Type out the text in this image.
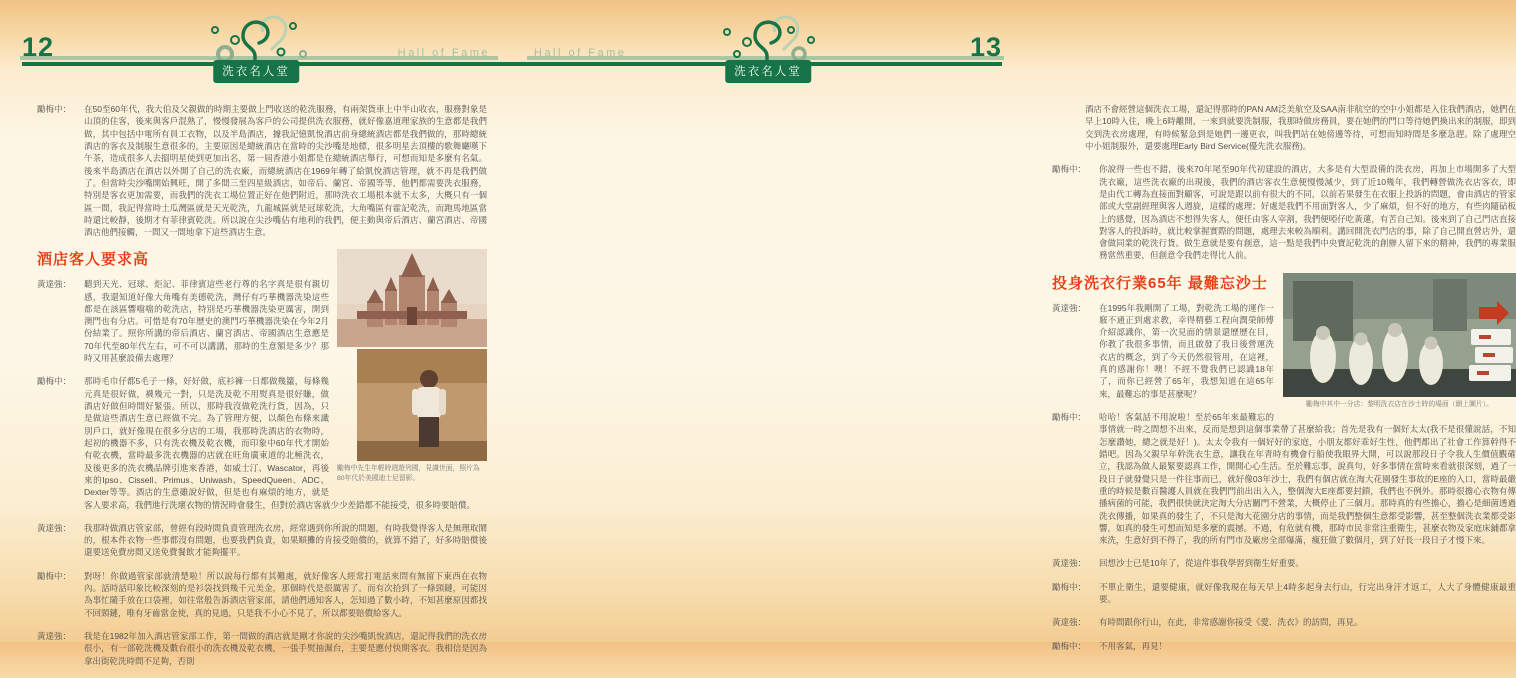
12	Hall of Fame
洗衣名人堂
勵梅中： 在50至60年代，我大伯及父親做的時期主要做上門收送的乾洗服務，有兩架貨車上中半山收衣，服務對象是山頂的住客，後來與客戶混熟了，慢慢發展為客戶的公司提供洗衣服務，就好像嘉道理家族的生意都是我們做，其中包括中電所有員工衣物，以及半島酒店，據我記憶凱悅酒店前身總統酒店都是我們做的，那時總統酒店的客衣及制服生意很多的，主要原因是總統酒店在當時的尖沙嘴是地標，很多明星去頂樓的歌舞廳嘆下午茶，造成很多人去搵明星使到更加出名，第一屆香港小姐都是在總統酒店舉行，可想而知是多麼有名氣。後來半島酒店在酒店以外開了自己的洗衣廠，而總統酒店在1969年轉了給凱悅酒店管理，就不再是我們做了。但當時尖沙嘴開始興旺，開了多間三至四星級酒店，如帝后、蘭宮、帝國等等，他們都需要洗衣服務，特別是客衣更加需要，而我們的洗衣工場位置正好在他們附近，那時洗衣工場根本就不太多，大概只有一個區一間，我記得當時土瓜灣區就是天光乾洗，九龍城區就是冠球乾洗，大角嘴區有霍記乾洗，而跑馬地區當時還比較靜，後期才有菲律賓乾洗。所以說在尖沙嘴佔有地利的我們，便主動與帝后酒店、蘭宮酒店、帝國酒店他們接觸，一間又一間地拿下這些酒店生意。
勵梅中先生年輕時週遊列國，見識世面，照片為80年代於美國迪士尼留影。
酒店客人要求高
黃達強： 聽到天光、冠球、炬記、菲律賓這些老行尊的名字真是很有親切感，我還知道好像大角嘴有美德乾洗，灣仔有巧華機器洗染這些都是在該區響噹噹的乾洗店，特別是巧華機器洗染更厲害，開到澳門也有分店。可惜是有70年歷史的澳門巧華機器洗染在今年2月份結業了。照你所講的帝后酒店、蘭宮酒店、帝國酒店生意應是70年代至80年代左右，可不可以講講，那時的生意額是多少？那時又用甚麼設備去處理？
勵梅中： 那時毛巾仔都5毛子一條，好好做，底衫褲一日都做幾籮，每條幾元真是很好做，襪幾元一對，只是洗及乾不用熨真是很好賺，做酒店好做但時間好緊張。所以，那時我沒做乾洗行貨，因為，只是做這些酒店生意已經做不完。為了管理方便，以顏色布條來識別戶口，就好像現在很多分店的工場，我那時洗酒店的衣物時，起初的機器不多，只有洗衣機及乾衣機，而印象中60年代才開始有乾衣機，當時最多洗衣機器的店就在旺角廣東道的北極洗衣，及後更多的洗衣機品牌引進來香港，如威士汀、Wascator，再後來的Ipso、Cissell、Primus、Uniwash、SpeedQueen、ADC、Dexter等等。酒店的生意雖說好做，但是也有麻煩的地方，就是客人要求高，我們進行洗壞衣物的情況時會發生，但對於酒店客就少少差錯都不能接受，很多時要賠償。
黃達強： 我那時做酒店管家部，曾經有段時間負責管理洗衣房，經常遇到你所說的問題，有時我覺得客人是無理取鬧的，根本件衣物一些事都沒有問題，也要我們負責，如果順攤的肯接受賠償的，就算不錯了，好多時賠償後還要送免費房間又送免費餐飲才能夠擺平。
勵梅中： 對呀！你做過管家部就清楚啦！所以說每行都有其難處，就好像客人經常打電話來問有無留下東西在衣物內。話時話印象比較深刻的是衫袋找到幾千元美金，那個時代是很厲害了。而有次拾到了一條頸鏈，可能因為事忙隨手放在口袋裡，如往常般告訴酒店管家部，請他們通知客人，怎知過了數小時，不知甚麼原因都找不回頸鏈，唯有牙齒當金使，真的見過，只是我不小心不見了，所以都要賠償給客人。
黃達強： 我是在1982年加入酒店管家部工作，第一間做的酒店就是剛才你說的尖沙嘴凱悅酒店，還記得我們的洗衣房很小，有一部乾洗機及數台很小的洗衣機及乾衣機，一張手熨抽濕台，主要是應付快期客衣。我相信是因為拿出街乾洗時間不足夠，否則
13
Hall of Fame
洗衣名人堂
酒店不會經營這個洗衣工場，還記得那時的PAN AM泛美航空及SAA南非航空的空中小姐都是入住我們酒店，她們在早上10時入住，晚上6時離開，一來到就要洗制服，我那時做房務員，要在她們的門口等待她們換出來的制服，即到交到洗衣房處理，有時候緊急到是她們一邊更衣，叫我們站在她傍邊等待，可想而知時間是多麼急趕。除了處理空中小姐制服外，還要處理Early Bird Service(優先洗衣服務)。
勵梅中： 你說得一些也不錯，後來70年尾至90年代初建設的酒店，大多是有大型設備的洗衣房，再加上市場開多了大型洗衣廠，這些洗衣廠的出現後，我們的酒店客衣生意便慢慢減少，到了近10幾年，我們轉營做洗衣店客衣，即是由代工轉為直接面對顧客，可說是跟以前有很大的不同，以前若果發生在衣服上投訴的問題，會由酒店的管家部或大堂副經理與客人週旋，這樣的處理；好處是我們不用面對客人，少了麻煩，但不好的地方，有些肉隨砧板上的感覺，因為酒店不想得失客人，便任由客人宰割，我們便啞仔吃黃蓮，有苦自己知。後來到了自己門店直接對客人的投訴時，就比較掌握實際的問題，處理去來較為順利。講回開洗衣門店的事，除了自己開直營店外，還會做同業的乾洗行貨。做生意就是要有創意，這一點是我們中央寶記乾洗的創辦人留下來的精神，我們的專業服務當然重要，但創意令我們走得比人前。
勵梅中其中一分店：黎明洗衣店在沙士時的場面（網上圖片）。
投身洗衣行業65年 最難忘沙士
黃達強： 在1995年我剛開了工場，對乾洗工場的運作一竅不通正到處求教，幸得精藝工程向潤榮師傅介紹認識你，第一次見面的情景還歷歷在目，你教了我很多事情，而且啟發了我日後營運洗衣店的概念，到了今天仍然很管用，在這裡，真的感謝你！噢！不經不覺我們已認識18年了，而你已經營了65年，我想知道在這65年來，最難忘的事是甚麼呢？
勵梅中： 哈哈！客氣話不用說啦！至於65年來最難忘的事情就一時之間想不出來，反而是想到這個事業帶了甚麼給我；首先是我有一個好太太(我不是很懂說話，不知怎麼讚她，總之就是好！)。太太令我有一個好好的家庭，小朋友都好乖好生性，他們都出了社會工作算幹得不錯吧。因為父親早年幹洗衣生意，讓我在年青時有機會行船使我眼界大開，可以說那段日子令我人生價值觀確立，我認為做人最緊要認真工作，開開心心生活。至於難忘事，說真句，好多事情在當時來看就很深刻，過了一段日子就發覺只是一件往事而已，就好像03年沙士，我們有個店就在淘大花園發生事故的E座的入口，當時最嚴重的時候是數百醫護人員就在我們門前出出入入，整個淘大E座都要封鎖，我們也不例外。那時很擔心衣物有傳播病菌的可能，我們很快就決定淘大分店關門不營業，大概停止了三個月。那時真的有些擔心，擔心是細菌透過洗衣傳播，如果真的發生了，不只是淘大花園分店的事情，而是我們整個生意都受影響，甚至整個洗衣業都受影響，如真的發生可想而知是多麼的震撼。不過，有危就有機，那時市民非常注重衛生，甚麼衣物及家庭床鋪都拿來洗，生意好到不得了，我的所有門市及廠房全部爆滿，瘋狂做了數個月，到了好長一段日子才慢下來。
黃達強： 回想沙士已是10年了，從這件事我學習到衛生好重要。
勵梅中： 不單止衛生，還要健康，就好像我現在每天早上4時多起身去行山，行完出身汗才返工，人大了身體健康最重要。
黃達強： 有時間跟你行山，在此，非常感謝你接受《愛．洗衣》的訪問，再見。
勵梅中： 不用客氣，再見！
